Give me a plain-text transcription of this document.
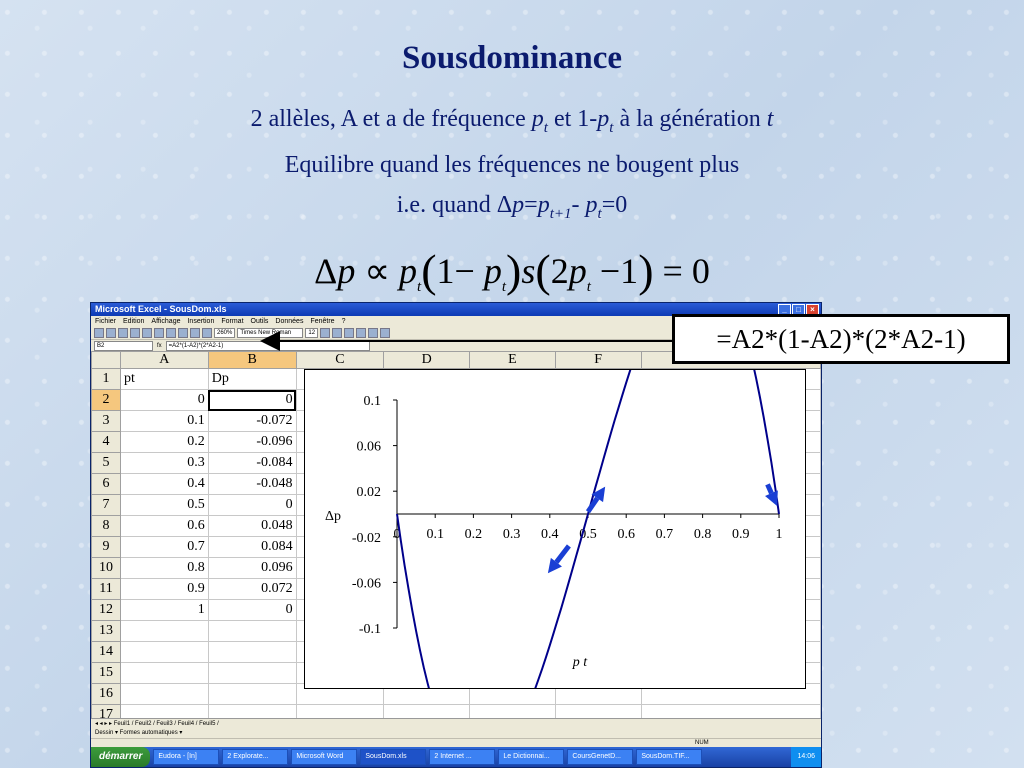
Sousdominance
2 allèles, A et a de fréquence $p_t$ et $1-p_t$ à la génération t
Equilibre quand les fréquences ne bougent plus
i.e. quand $\Delta p=p_{t+1}-$ $p_t=0$
$\Delta p \propto p_t(1- p_t)s(2p_t -1) = 0$
Microsoft Excel - SousDom.xls	_	□	×
Fichier Edition Affichage Insertion Format Outils Données Fenêtre ?
260%	Times New Roman	12
B2	fx	=A2*(1-A2)*(2*A2-1)
	A	B	C	D	E	F	
1	pt	Dp					
2	0	0					
3	0.1	-0.072					
4	0.2	-0.096					
5	0.3	-0.084					
6	0.4	-0.048					
7	0.5	0					
8	0.6	0.048					
9	0.7	0.084					
10	0.8	0.096					
11	0.9	0.072					
12	1	0					
13							
14							
15							
16							
17							
◂ ◂ ▸ ▸ Feuil1 / Feuil2 / Feuil3 / Feuil4 / Feuil5 /
Dessin ▾ Formes automatiques ▾
NUM
démarrer	Eudora - [In]	2 Explorate...	Microsoft Word	SousDom.xls	2 Internet ...	Le Dictionnai...	CoursGenetD...	SousDom.TIF...	14:06
0.1
0.06
0.02
-0.02
-0.06
-0.1
0 0.1 0.2 0.3 0.4 0.5 0.6 0.7 0.8 0.9 1
Δp
p t
=A2*(1-A2)*(2*A2-1)
